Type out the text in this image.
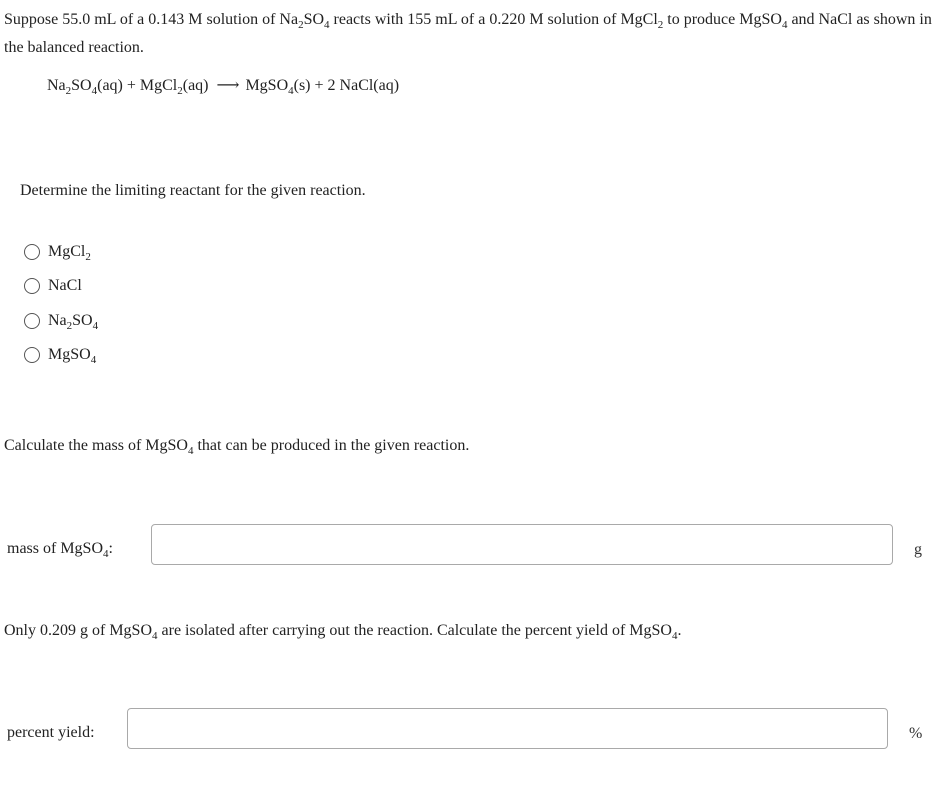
Suppose 55.0 mL of a 0.143 M solution of $Na_2SO_4$ reacts with 155 mL of a 0.220 M solution of MgCl$_2$ to produce MgSO$_4$ and NaCl as shown in the balanced reaction.
$Na_2SO_4(aq)$ + MgCl$_2$(aq) ⟶ MgSO$_4$(s) + 2 NaCl(aq)
Determine the limiting reactant for the given reaction.
MgCl$_2$
NaCl
$Na_2SO_4$
MgSO$_4$
Calculate the mass of MgSO$_4$ that can be produced in the given reaction.
mass of MgSO$_4$:	g
Only 0.209 g of MgSO$_4$ are isolated after carrying out the reaction. Calculate the percent yield of MgSO$_4$.
percent yield:	%
